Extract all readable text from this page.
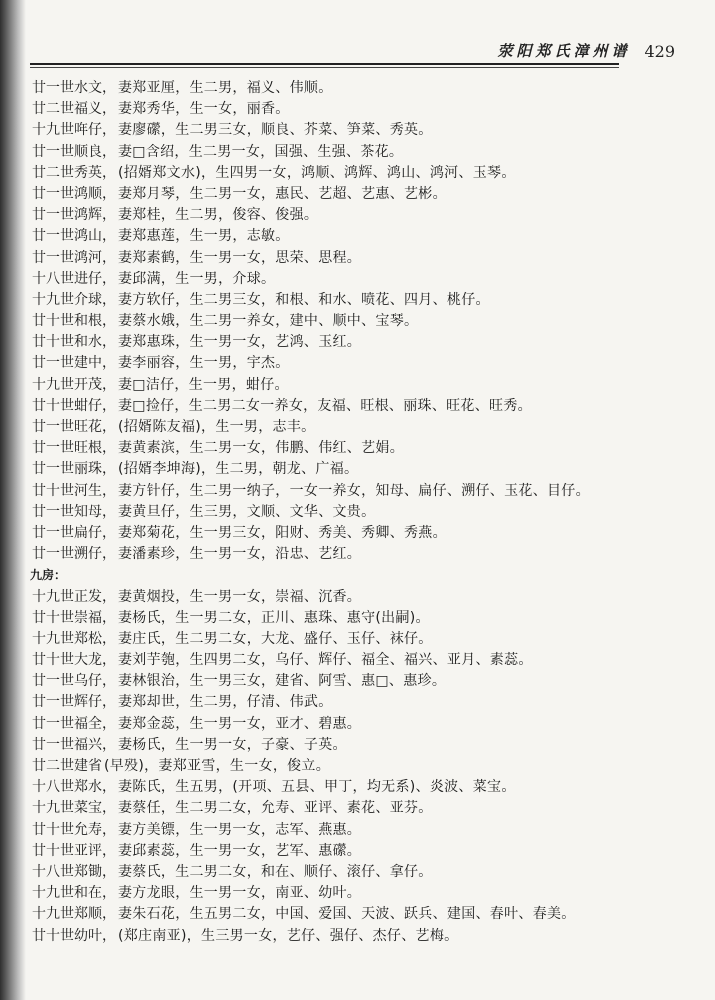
荥阳郑氏漳州谱 429
廿一世水文， 妻郑亚厘，生二男，福义、伟顺。
廿二世福义， 妻郑秀华，生一女，丽香。
十九世哖仔， 妻廖礯，生二男三女，顺良、芥菜、笋菜、秀英。
廿一世顺良， 妻□含绍，生二男一女，国强、生强、茶花。
廿二世秀英， (招婿郑文水)，生四男一女，鸿顺、鸿辉、鸿山、鸿河、玉琴。
廿一世鸿顺， 妻郑月琴，生二男一女，惠民、艺超、艺惠、艺彬。
廿一世鸿辉， 妻郑桂，生二男，俊容、俊强。
廿一世鸿山， 妻郑惠莲，生一男，志敏。
廿一世鸿河， 妻郑素鹤，生一男一女，思荣、思程。
十八世进仔， 妻邱满，生一男，介球。
十九世介球， 妻方软仔，生二男三女，和根、和水、喷花、四月、桃仔。
廿十世和根， 妻蔡水娥，生二男一养女，建中、顺中、宝琴。
廿十世和水， 妻郑惠珠，生一男一女，艺鸿、玉红。
廿一世建中， 妻李丽容，生一男，宇杰。
十九世开茂， 妻□洁仔，生一男，蚶仔。
廿十世蚶仔， 妻□捡仔，生二男二女一养女，友福、旺根、丽珠、旺花、旺秀。
廿一世旺花， (招婿陈友福)，生一男，志丰。
廿一世旺根， 妻黄素滨，生二男一女，伟鹏、伟红、艺娟。
廿一世丽珠， (招婿李坤海)，生二男，朝龙、广福。
廿十世河生， 妻方针仔，生二男一纳子，一女一养女，知母、扁仔、溯仔、玉花、目仔。
廿一世知母， 妻黄旦仔，生三男，文顺、文华、文贵。
廿一世扁仔， 妻郑菊花，生一男三女，阳财、秀美、秀卿、秀燕。
廿一世溯仔， 妻潘素珍，生一男一女，沿忠、艺红。
九房：
十九世正发， 妻黄烟投，生一男一女，崇福、沉香。
廿十世崇福， 妻杨氏，生一男二女，正川、惠珠、惠守(出嗣)。
十九世郑松， 妻庄氏，生二男二女，大龙、盛仔、玉仔、袜仔。
廿十世大龙， 妻刘芋匏，生四男二女，乌仔、辉仔、福全、福兴、亚月、素蕊。
廿一世乌仔， 妻林银治，生一男三女，建省、阿雪、惠□、惠珍。
廿一世辉仔， 妻郑却世，生二男，仔清、伟武。
廿一世福全， 妻郑金蕊，生一男一女，亚才、碧惠。
廿一世福兴， 妻杨氏，生一男一女，子豪、子英。
廿二世建省 (早殁)，妻郑亚雪，生一女，俊立。
十八世郑水， 妻陈氏，生五男，(开项、五县、甲丁，均无系)、炎波、菜宝。
十九世菜宝， 妻蔡任，生二男二女，允寿、亚评、素花、亚芬。
廿十世允寿， 妻方美镖，生一男一女，志军、燕惠。
廿十世亚评， 妻邱素蕊，生一男一女，艺军、惠礯。
十八世郑锄， 妻蔡氏，生二男二女，和在、顺仔、滚仔、拿仔。
十九世和在， 妻方龙眼，生一男一女，南亚、幼叶。
十九世郑顺， 妻朱石花，生五男二女，中国、爱国、天波、跃兵、建国、春叶、春美。
廿十世幼叶， (郑庄南亚)，生三男一女，艺仔、强仔、杰仔、艺梅。
